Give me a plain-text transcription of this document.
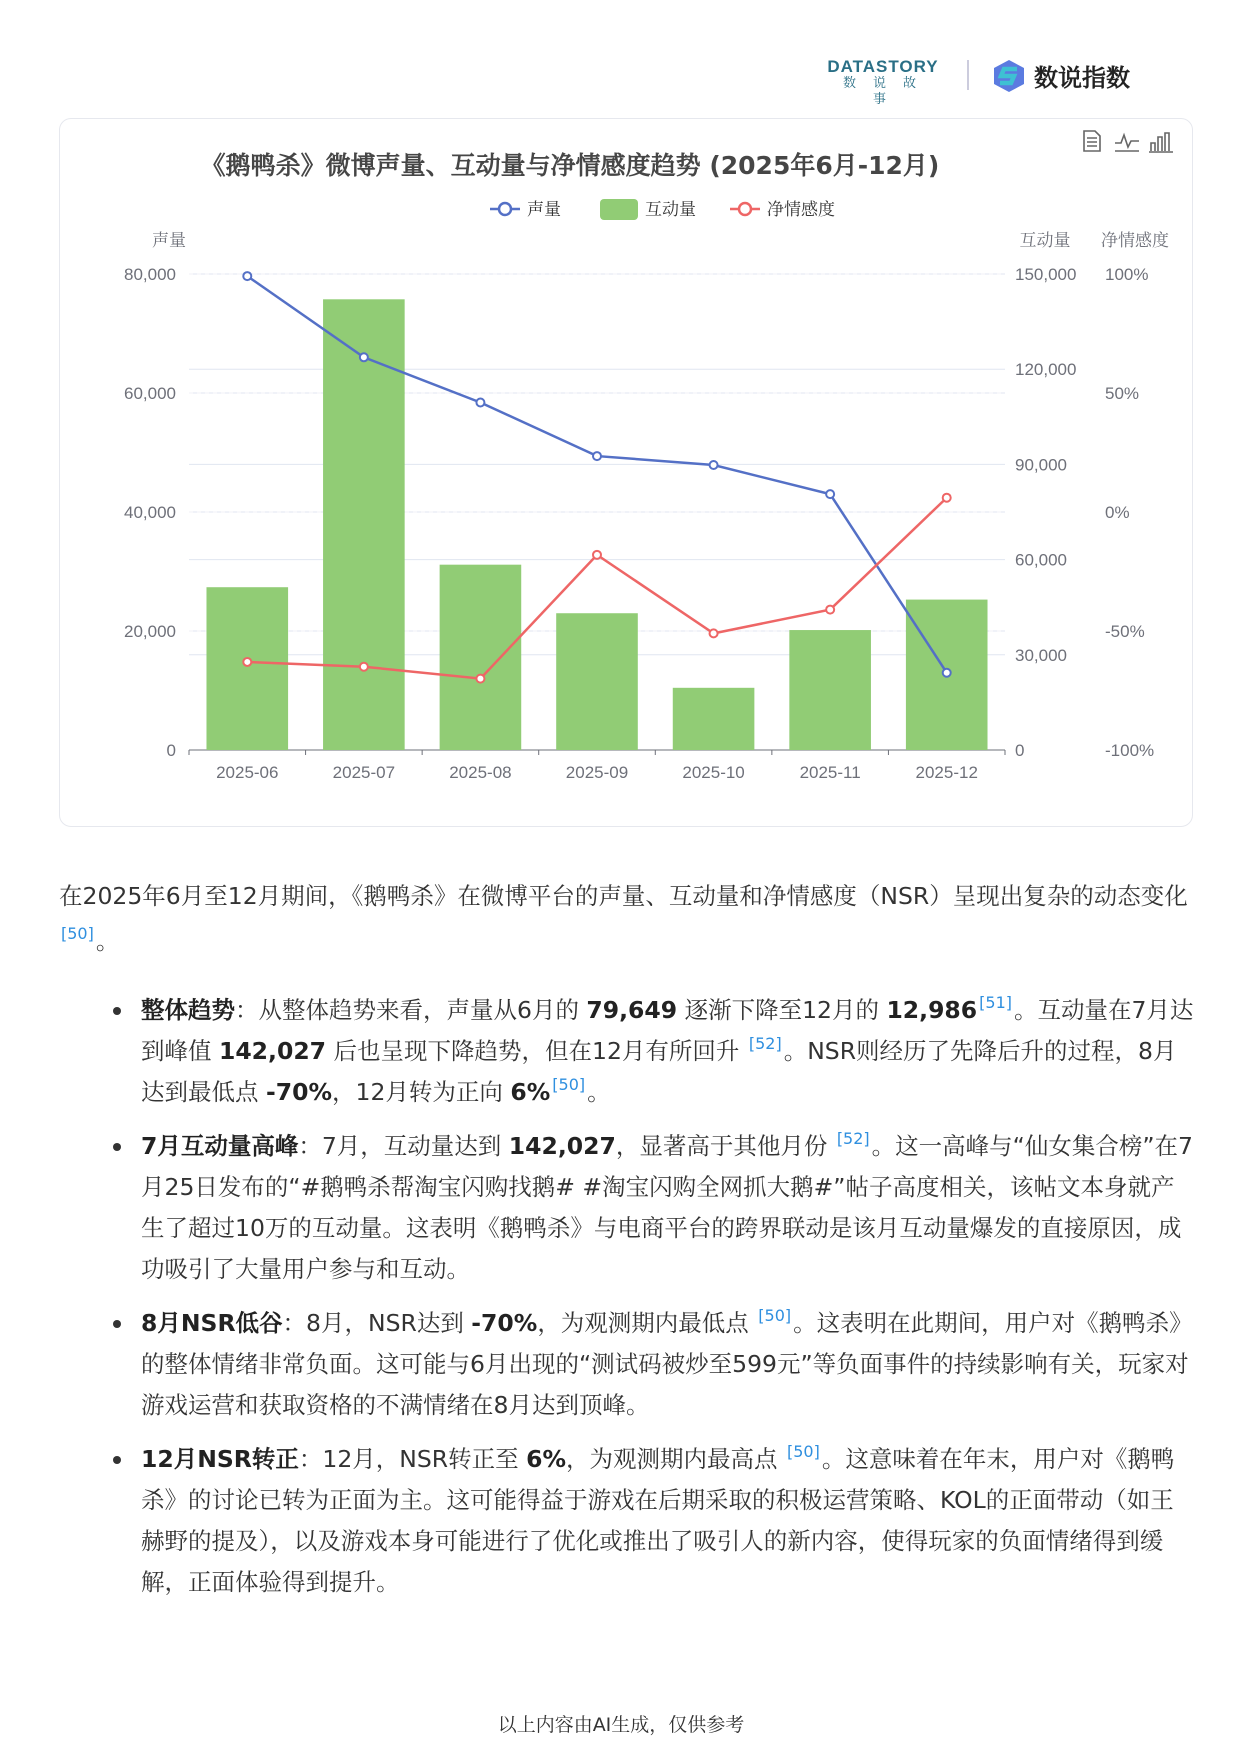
DATASTORY
数说故事
数说指数
《鹅鸭杀》微博声量、互动量与净情感度趋势 (2025年6月-12月)
0
20,000
40,000
60,000
80,000
0
30,000
60,000
90,000
120,000
150,000
-100%
-50%
0%
50%
100%
声量	互动量 净情感度
2025-06	2025-07	2025-08	2025-09	2025-10	2025-11	2025-12
声量	互动量	净情感度
在2025年6月至12月期间，《鹅鸭杀》在微博平台的声量、互动量和净情感度（NSR）呈现出复杂的动态变化[50]。
整体趋势：从整体趋势来看，声量从6月的 79,649 逐渐下降至12月的 12,986 [51]。互动量在7月达到峰值 142,027 后也呈现下降趋势，但在12月有所回升 [52]。NSR则经历了先降后升的过程，8月达到最低点 -70%，12月转为正向 6% [50]。
7月互动量高峰：7月，互动量达到 142,027，显著高于其他月份 [52]。这一高峰与“仙女集合榜”在7月25日发布的“#鹅鸭杀帮淘宝闪购找鹅# #淘宝闪购全网抓大鹅#”帖子高度相关，该帖文本身就产生了超过10万的互动量。这表明《鹅鸭杀》与电商平台的跨界联动是该月互动量爆发的直接原因，成功吸引了大量用户参与和互动。
8月NSR低谷：8月，NSR达到 -70%，为观测期内最低点 [50]。这表明在此期间，用户对《鹅鸭杀》的整体情绪非常负面。这可能与6月出现的“测试码被炒至599元”等负面事件的持续影响有关，玩家对游戏运营和获取资格的不满情绪在8月达到顶峰。
12月NSR转正：12月，NSR转正至 6%，为观测期内最高点 [50]。这意味着在年末，用户对《鹅鸭杀》的讨论已转为正面为主。这可能得益于游戏在后期采取的积极运营策略、KOL的正面带动（如王赫野的提及），以及游戏本身可能进行了优化或推出了吸引人的新内容，使得玩家的负面情绪得到缓解，正面体验得到提升。
以上内容由AI生成，仅供参考
